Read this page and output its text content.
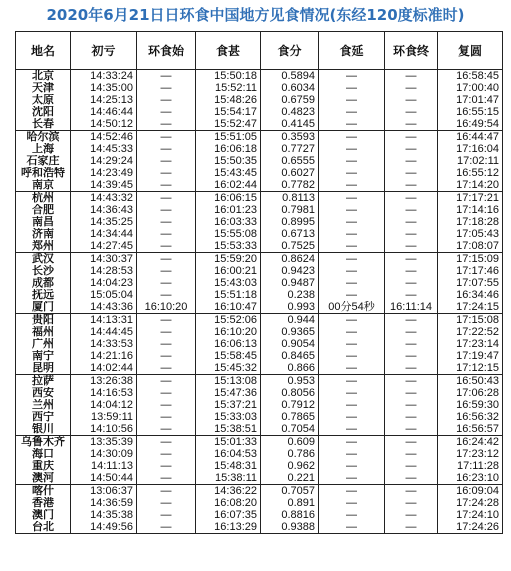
2020年6月21日日环食中国地方见食情况(东经120度标准时)
地名	初亏	环食始	食甚	食分	食延	环食终	复圆
北京	14:33:24	—	15:50:18	0.5894	—	—	16:58:45
天津	14:35:00	—	15:52:11	0.6034	—	—	17:00:40
太原	14:25:13	—	15:48:26	0.6759	—	—	17:01:47
沈阳	14:46:44	—	15:54:17	0.4823	—	—	16:55:15
长春	14:50:12	—	15:52:47	0.4145	—	—	16:49:54
哈尔滨	14:52:46	—	15:51:05	0.3593	—	—	16:44:47
上海	14:45:33	—	16:06:18	0.7727	—	—	17:16:04
石家庄	14:29:24	—	15:50:35	0.6555	—	—	17:02:11
呼和浩特	14:23:49	—	15:43:45	0.6027	—	—	16:55:12
南京	14:39:45	—	16:02:44	0.7782	—	—	17:14:20
杭州	14:43:32	—	16:06:15	0.8113	—	—	17:17:21
合肥	14:36:43	—	16:01:23	0.7981	—	—	17:14:16
南昌	14:35:25	—	16:03:33	0.8995	—	—	17:18:28
济南	14:34:44	—	15:55:08	0.6713	—	—	17:05:43
郑州	14:27:45	—	15:53:33	0.7525	—	—	17:08:07
武汉	14:30:37	—	15:59:20	0.8624	—	—	17:15:09
长沙	14:28:53	—	16:00:21	0.9423	—	—	17:17:46
成都	14:04:23	—	15:43:03	0.9487	—	—	17:07:55
抚远	15:05:04	—	15:51:18	0.238	—	—	16:34:46
厦门	14:43:36	16:10:20	16:10:47	0.993	00分54秒	16:11:14	17:24:15
贵阳	14:13:31	—	15:52:06	0.944	—	—	17:15:08
福州	14:44:45	—	16:10:20	0.9365	—	—	17:22:52
广州	14:33:53	—	16:06:13	0.9054	—	—	17:23:14
南宁	14:21:16	—	15:58:45	0.8465	—	—	17:19:47
昆明	14:02:44	—	15:45:32	0.866	—	—	17:12:15
拉萨	13:26:38	—	15:13:08	0.953	—	—	16:50:43
西安	14:16:53	—	15:47:36	0.8056	—	—	17:06:28
兰州	14:04:12	—	15:37:21	0.7912	—	—	16:59:30
西宁	13:59:11	—	15:33:03	0.7865	—	—	16:56:32
银川	14:10:56	—	15:38:51	0.7054	—	—	16:56:57
乌鲁木齐	13:35:39	—	15:01:33	0.609	—	—	16:24:42
海口	14:30:09	—	16:04:53	0.786	—	—	17:23:12
重庆	14:11:13	—	15:48:31	0.962	—	—	17:11:28
澳河	14:50:44	—	15:38:11	0.221	—	—	16:23:10
喀什	13:06:37	—	14:36:22	0.7057	—	—	16:09:04
香港	14:36:59	—	16:08:20	0.891	—	—	17:24:28
澳门	14:35:38	—	16:07:35	0.8816	—	—	17:24:10
台北	14:49:56	—	16:13:29	0.9388	—	—	17:24:26
